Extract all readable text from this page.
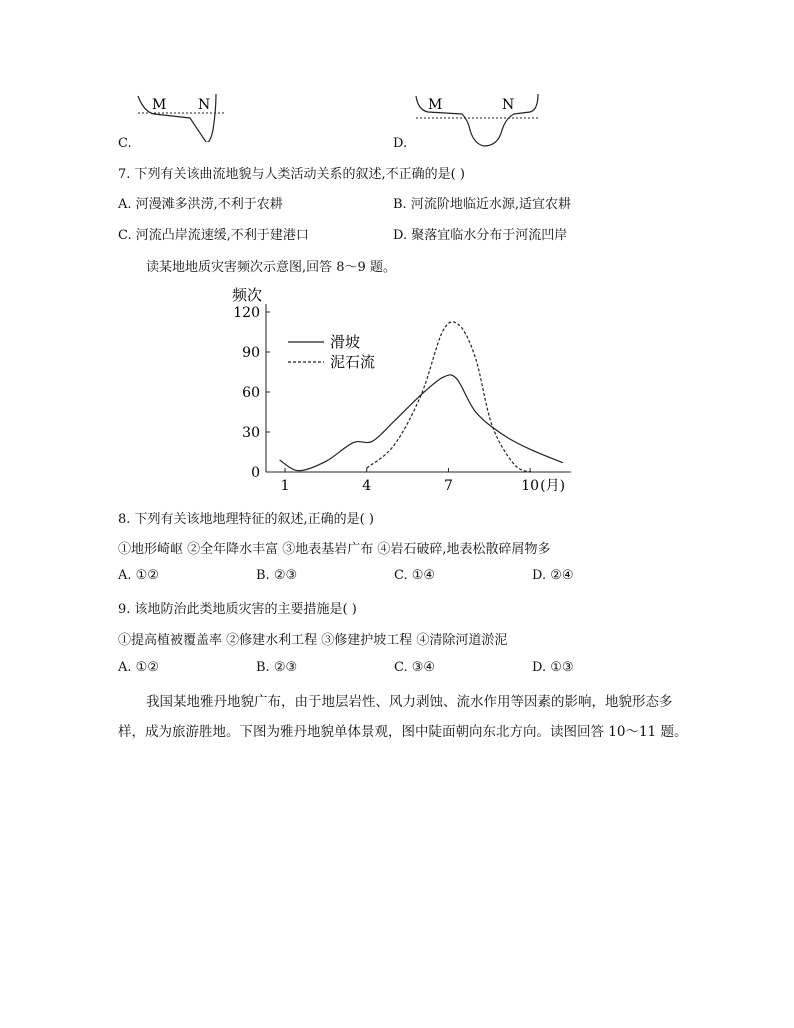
M N
C.
M	N
D.
7. 下列有关该曲流地貌与人类活动关系的叙述,不正确的是( )
A. 河漫滩多洪涝,不利于农耕	B. 河流阶地临近水源,适宜农耕
C. 河流凸岸流速缓,不利于建港口	D. 聚落宜临水分布于河流凹岸
读某地地质灾害频次示意图,回答 8～9 题。
频次
0
30
60
90
120
1	4	7	10 (月)
滑坡
泥石流
8. 下列有关该地地理特征的叙述,正确的是( )
①地形崎岖 ②全年降水丰富 ③地表基岩广布 ④岩石破碎,地表松散碎屑物多
A. ①②	B. ②③	C. ①④	D. ②④
9. 该地防治此类地质灾害的主要措施是( )
①提高植被覆盖率 ②修建水利工程 ③修建护坡工程 ④清除河道淤泥
A. ①②	B. ②③	C. ③④	D. ①③
我国某地雅丹地貌广布，由于地层岩性、风力剥蚀、流水作用等因素的影响，地貌形态多
样，成为旅游胜地。下图为雅丹地貌单体景观，图中陡面朝向东北方向。读图回答 10～11 题。
